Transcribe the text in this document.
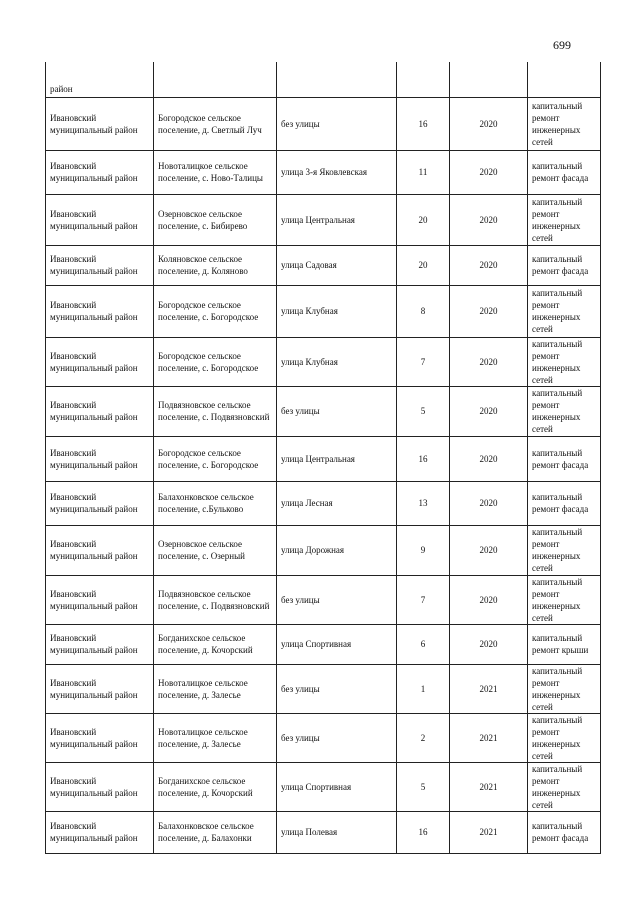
699
район					
Ивановский муниципальный район	Богородское сельское поселение, д. Светлый Луч	без улицы	16	2020	капитальный ремонт инженерных сетей
Ивановский муниципальный район	Новоталицкое сельское поселение, с. Ново-Талицы	улица 3-я Яковлевская	11	2020	капитальный ремонт фасада
Ивановский муниципальный район	Озерновское сельское поселение, с. Бибирево	улица Центральная	20	2020	капитальный ремонт инженерных сетей
Ивановский муниципальный район	Коляновское сельское поселение, д. Коляново	улица Садовая	20	2020	капитальный ремонт фасада
Ивановский муниципальный район	Богородское сельское поселение, с. Богородское	улица Клубная	8	2020	капитальный ремонт инженерных сетей
Ивановский муниципальный район	Богородское сельское поселение, с. Богородское	улица Клубная	7	2020	капитальный ремонт инженерных сетей
Ивановский муниципальный район	Подвязновское сельское поселение, с. Подвязновский	без улицы	5	2020	капитальный ремонт инженерных сетей
Ивановский муниципальный район	Богородское сельское поселение, с. Богородское	улица Центральная	16	2020	капитальный ремонт фасада
Ивановский муниципальный район	Балахонковское сельское поселение, с.Бульково	улица Лесная	13	2020	капитальный ремонт фасада
Ивановский муниципальный район	Озерновское сельское поселение, с. Озерный	улица Дорожная	9	2020	капитальный ремонт инженерных сетей
Ивановский муниципальный район	Подвязновское сельское поселение, с. Подвязновский	без улицы	7	2020	капитальный ремонт инженерных сетей
Ивановский муниципальный район	Богданихское сельское поселение, д. Кочорский	улица Спортивная	6	2020	капитальный ремонт крыши
Ивановский муниципальный район	Новоталицкое сельское поселение, д. Залесье	без улицы	1	2021	капитальный ремонт инженерных сетей
Ивановский муниципальный район	Новоталицкое сельское поселение, д. Залесье	без улицы	2	2021	капитальный ремонт инженерных сетей
Ивановский муниципальный район	Богданихское сельское поселение, д. Кочорский	улица Спортивная	5	2021	капитальный ремонт инженерных сетей
Ивановский муниципальный район	Балахонковское сельское поселение, д. Балахонки	улица Полевая	16	2021	капитальный ремонт фасада
